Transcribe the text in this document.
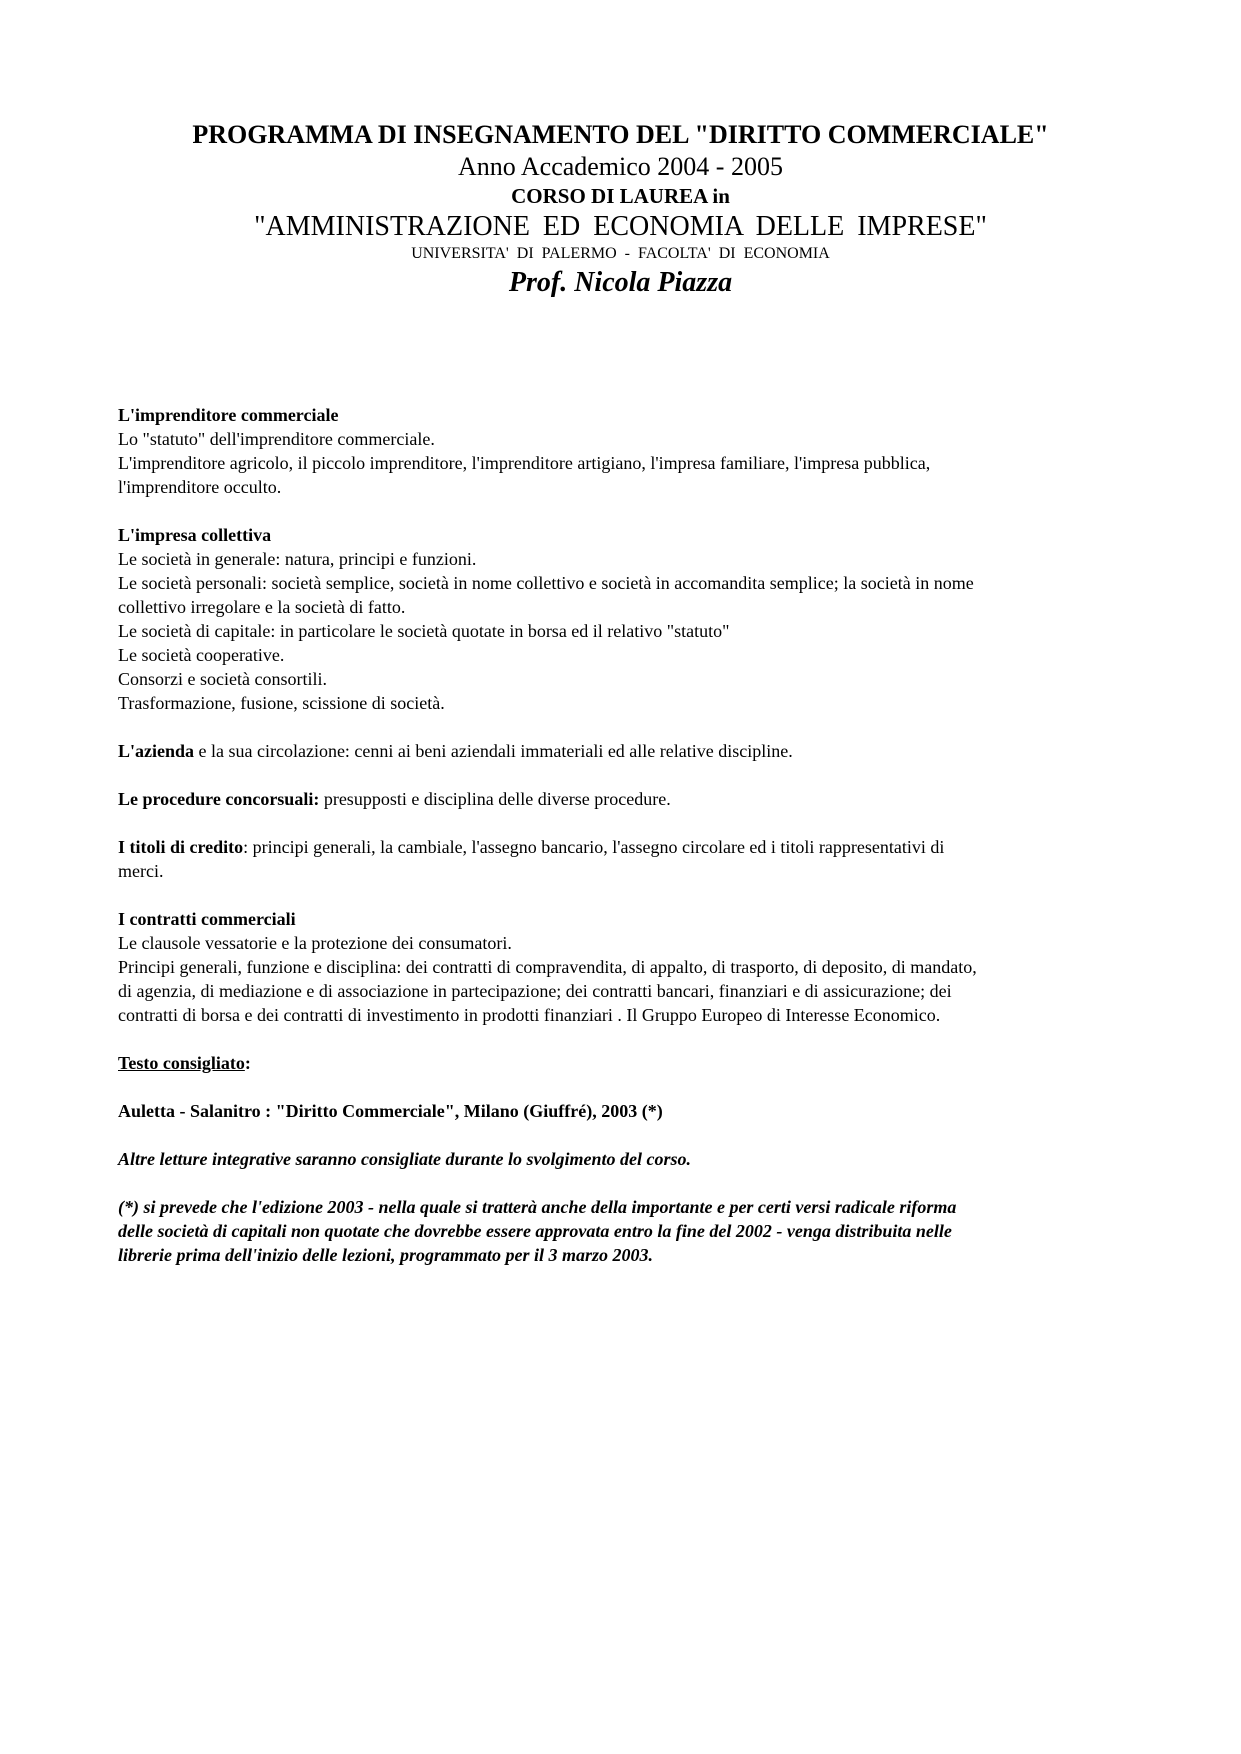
PROGRAMMA DI INSEGNAMENTO DEL "DIRITTO COMMERCIALE"
Anno Accademico 2004 - 2005
CORSO DI LAUREA in
"AMMINISTRAZIONE ED ECONOMIA DELLE IMPRESE"
UNIVERSITA' DI PALERMO - FACOLTA' DI ECONOMIA
Prof. Nicola Piazza
L'imprenditore commerciale
Lo "statuto" dell'imprenditore commerciale.
L'imprenditore agricolo, il piccolo imprenditore, l'imprenditore artigiano, l'impresa familiare, l'impresa pubblica,
l'imprenditore occulto.
L'impresa collettiva
Le società in generale: natura, principi e funzioni.
Le società personali: società semplice, società in nome collettivo e società in accomandita semplice; la società in nome
collettivo irregolare e la società di fatto.
Le società di capitale: in particolare le società quotate in borsa ed il relativo "statuto"
Le società cooperative.
Consorzi e società consortili.
Trasformazione, fusione, scissione di società.
L'azienda e la sua circolazione: cenni ai beni aziendali immateriali ed alle relative discipline.
Le procedure concorsuali: presupposti e disciplina delle diverse procedure.
I titoli di credito: principi generali, la cambiale, l'assegno bancario, l'assegno circolare ed i titoli rappresentativi di
merci.
I contratti commerciali
Le clausole vessatorie e la protezione dei consumatori.
Principi generali, funzione e disciplina: dei contratti di compravendita, di appalto, di trasporto, di deposito, di mandato,
di agenzia, di mediazione e di associazione in partecipazione; dei contratti bancari, finanziari e di assicurazione; dei
contratti di borsa e dei contratti di investimento in prodotti finanziari . Il Gruppo Europeo di Interesse Economico.
Testo consigliato:
Auletta - Salanitro : "Diritto Commerciale", Milano (Giuffré), 2003 (*)
Altre letture integrative saranno consigliate durante lo svolgimento del corso.
(*) si prevede che l'edizione 2003 - nella quale si tratterà anche della importante e per certi versi radicale riforma
delle società di capitali non quotate che dovrebbe essere approvata entro la fine del 2002 - venga distribuita nelle
librerie prima dell'inizio delle lezioni, programmato per il 3 marzo 2003.
